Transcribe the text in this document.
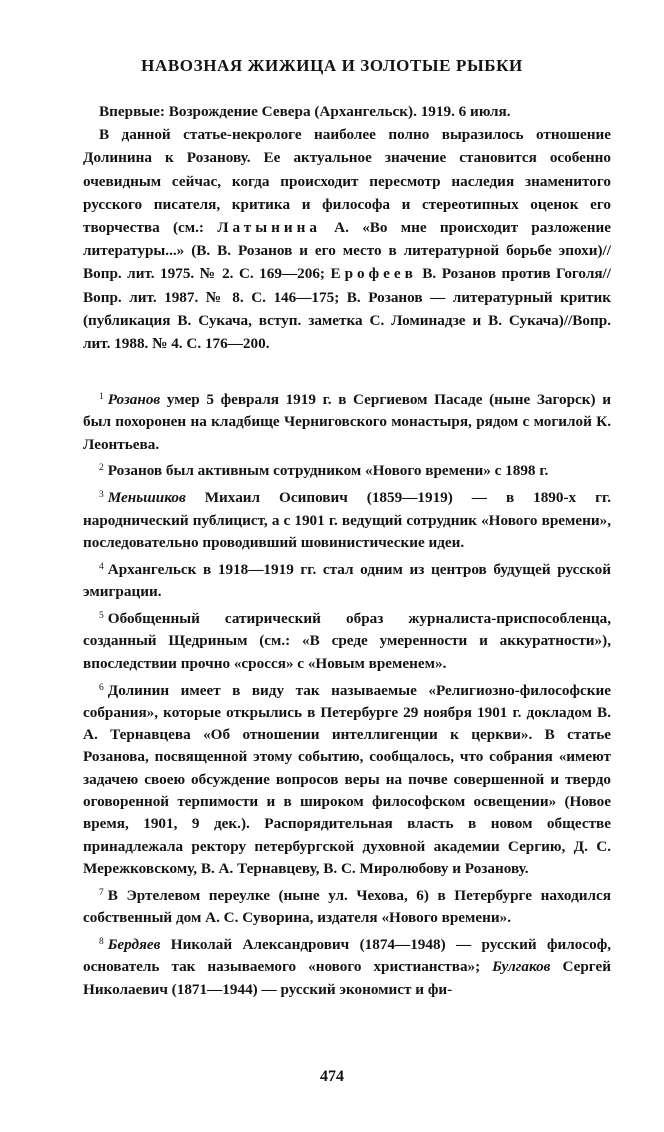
НАВОЗНАЯ ЖИЖИЦА И ЗОЛОТЫЕ РЫБКИ

Впервые: Возрождение Севера (Архангельск). 1919. 6 июля.

В данной статье-некрологе наиболее полно выразилось отношение Долинина к Розанову. Ее актуальное значение становится особенно очевидным сейчас, когда происходит пересмотр наследия знаменитого русского писателя, критика и философа и стереотипных оценок его творчества (см.: Латынина А. «Во мне происходит разложение литературы...» (В. В. Розанов и его место в литературной борьбе эпохи)//Вопр. лит. 1975. № 2. С. 169—206; Ерофеев В. Розанов против Гоголя//Вопр. лит. 1987. № 8. С. 146—175; В. Розанов — литературный критик (публикация В. Сукача, вступ. заметка С. Ломинадзе и В. Сукача)//Вопр. лит. 1988. № 4. С. 176—200.

$^1$ Розанов умер 5 февраля 1919 г. в Сергиевом Пасаде (ныне Загорск) и был похоронен на кладбище Черниговского монастыря, рядом с могилой К. Леонтьева.

$^2$ Розанов был активным сотрудником «Нового времени» с 1898 г.

$^3$ Меньшиков Михаил Осипович (1859—1919) — в 1890-х гг. народнический публицист, а с 1901 г. ведущий сотрудник «Нового времени», последовательно проводивший шовинистические идеи.

$^4$ Архангельск в 1918—1919 гг. стал одним из центров будущей русской эмиграции.

$^5$ Обобщенный сатирический образ журналиста-приспособленца, созданный Щедриным (см.: «В среде умеренности и аккуратности»), впоследствии прочно «сросся» с «Новым временем».

$^6$ Долинин имеет в виду так называемые «Религиозно-философские собрания», которые открылись в Петербурге 29 ноября 1901 г. докладом В. А. Тернавцева «Об отношении интеллигенции к церкви». В статье Розанова, посвященной этому событию, сообщалось, что собрания «имеют задачею своею обсуждение вопросов веры на почве совершенной и твердо оговоренной терпимости и в широком философском освещении» (Новое время, 1901, 9 дек.). Распорядительная власть в новом обществе принадлежала ректору петербургской духовной академии Сергию, Д. С. Мережковскому, В. А. Тернавцеву, В. С. Миролюбову и Розанову.

$^7$ В Эртелевом переулке (ныне ул. Чехова, 6) в Петербурге находился собственный дом А. С. Суворина, издателя «Нового времени».

$^8$ Бердяев Николай Александрович (1874—1948) — русский философ, основатель так называемого «нового христианства»; Булгаков Сергей Николаевич (1871—1944) — русский экономист и фи-

474
